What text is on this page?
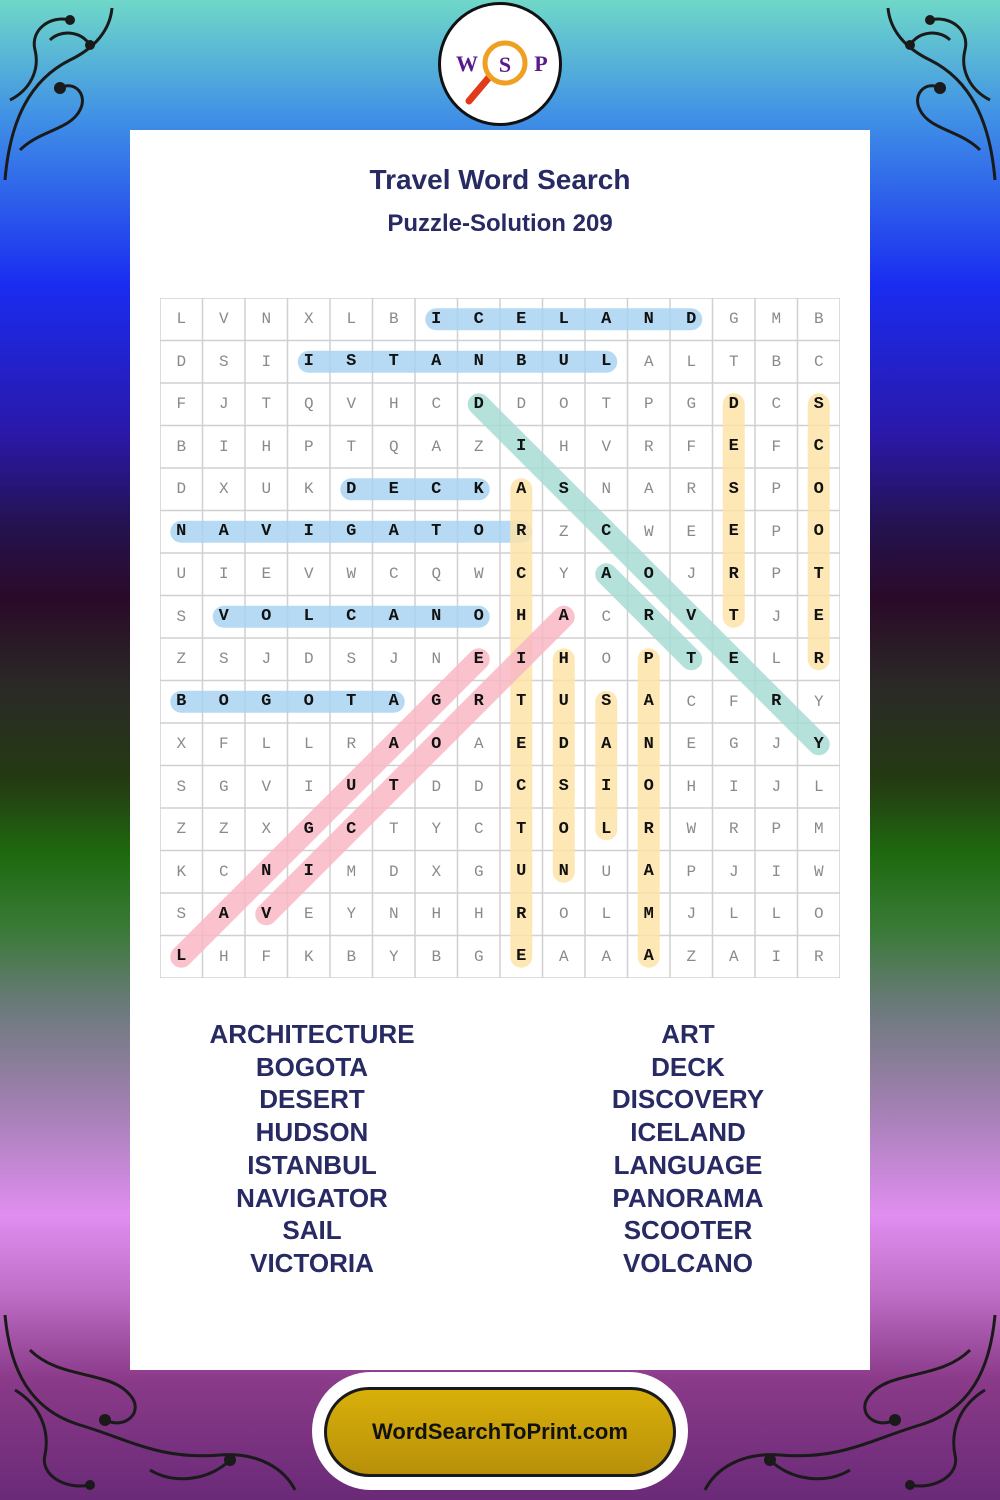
W S P
Travel Word Search
Puzzle-Solution 209
L	V	N	X	L	B	I	C	E	L	A	N	D	G	M	B
D	S	I	I	S	T	A	N	B	U	L	A	L	T	B	C
F	J	T	Q	V	H	C	D	D	O	T	P	G	D	C	S
B	I	H	P	T	Q	A	Z	I	H	V	R	F	E	F	C
D	X	U	K	D	E	C	K	A	S	N	A	R	S	P	O
N	A	V	I	G	A	T	O	R	Z	C	W	E	E	P	O
U	I	E	V	W	C	Q	W	C	Y	A	O	J	R	P	T
S	V	O	L	C	A	N	O	H	A	C	R	V	T	J	E
Z	S	J	D	S	J	N	E	I	H	O	P	T	E	L	R
B	O	G	O	T	A	G	R	T	U	S	A	C	F	R	Y
X	F	L	L	R	A	O	A	E	D	A	N	E	G	J	Y
S	G	V	I	U	T	D	D	C	S	I	O	H	I	J	L
Z	Z	X	G	C	T	Y	C	T	O	L	R	W	R	P	M
K	C	N	I	M	D	X	G	U	N	U	A	P	J	I	W
S	A	V	E	Y	N	H	H	R	O	L	M	J	L	L	O
L	H	F	K	B	Y	B	G	E	A	A	A	Z	A	I	R
ARCHITECTURE
BOGOTA
DESERT
HUDSON
ISTANBUL
NAVIGATOR
SAIL
VICTORIA
ART
DECK
DISCOVERY
ICELAND
LANGUAGE
PANORAMA
SCOOTER
VOLCANO
WordSearchToPrint.com
